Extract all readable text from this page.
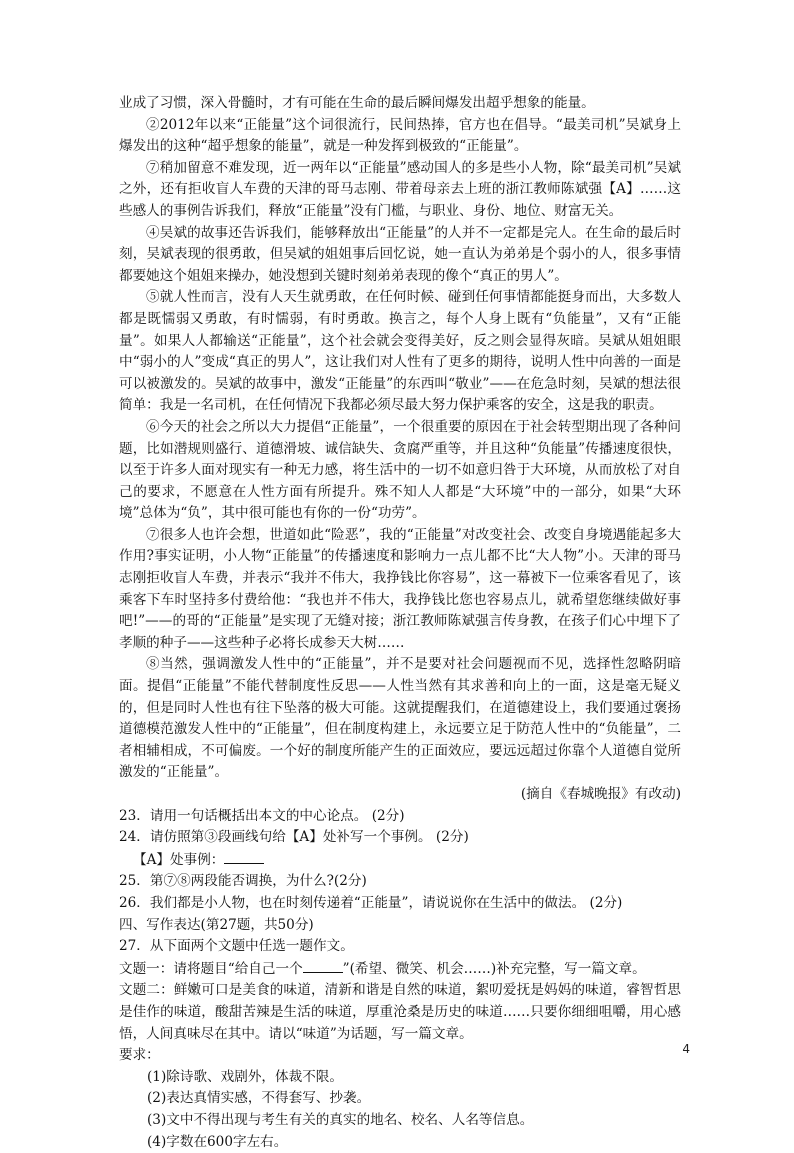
业成了习惯，深入骨髓时，才有可能在生命的最后瞬间爆发出超乎想象的能量。

②2012年以来“正能量”这个词很流行，民间热捧，官方也在倡导。“最美司机”吴斌身上爆发出的这种“超乎想象的能量”，就是一种发挥到极致的“正能量”。

⑦稍加留意不难发现，近一两年以“正能量”感动国人的多是些小人物，除“最美司机”吴斌之外，还有拒收盲人车费的天津的哥马志刚、带着母亲去上班的浙江教师陈斌强【A】……这些感人的事例告诉我们，释放“正能量”没有门槛，与职业、身份、地位、财富无关。

④吴斌的故事还告诉我们，能够释放出“正能量”的人并不一定都是完人。在生命的最后时刻，吴斌表现的很勇敢，但吴斌的姐姐事后回忆说，她一直认为弟弟是个弱小的人，很多事情都要她这个姐姐来操办，她没想到关键时刻弟弟表现的像个“真正的男人”。

⑤就人性而言，没有人天生就勇敢，在任何时候、碰到任何事情都能挺身而出，大多数人都是既懦弱又勇敢，有时懦弱，有时勇敢。换言之，每个人身上既有“负能量”，又有“正能量”。如果人人都输送“正能量”，这个社会就会变得美好，反之则会显得灰暗。吴斌从姐姐眼中“弱小的人”变成“真正的男人”，这让我们对人性有了更多的期待，说明人性中向善的一面是可以被激发的。吴斌的故事中，激发“正能量”的东西叫“敬业”——在危急时刻，吴斌的想法很简单：我是一名司机，在任何情况下我都必须尽最大努力保护乘客的安全，这是我的职责。

⑥今天的社会之所以大力提倡“正能量”，一个很重要的原因在于社会转型期出现了各种问题，比如潜规则盛行、道德滑坡、诚信缺失、贪腐严重等，并且这种“负能量”传播速度很快，以至于许多人面对现实有一种无力感，将生活中的一切不如意归咎于大环境，从而放松了对自己的要求，不愿意在人性方面有所提升。殊不知人人都是“大环境”中的一部分，如果“大环境”总体为“负”，其中很可能也有你的一份“功劳”。

⑦很多人也许会想，世道如此“险恶”，我的“正能量”对改变社会、改变自身境遇能起多大作用?事实证明，小人物“正能量”的传播速度和影响力一点儿都不比“大人物”小。天津的哥马志刚拒收盲人车费，并表示“我并不伟大，我挣钱比你容易”，这一幕被下一位乘客看见了，该乘客下车时坚持多付费给他：“我也并不伟大，我挣钱比您也容易点儿，就希望您继续做好事吧!”——的哥的“正能量”是实现了无缝对接；浙江教师陈斌强言传身教，在孩子们心中埋下了孝顺的种子——这些种子必将长成参天大树……

⑧当然，强调激发人性中的“正能量”，并不是要对社会问题视而不见，选择性忽略阴暗面。提倡“正能量”不能代替制度性反思——人性当然有其求善和向上的一面，这是毫无疑义的，但是同时人性也有往下坠落的极大可能。这就提醒我们，在道德建设上，我们要通过褒扬道德模范激发人性中的“正能量”，但在制度构建上，永远要立足于防范人性中的“负能量”，二者相辅相成，不可偏废。一个好的制度所能产生的正面效应，要远远超过你靠个人道德自觉所激发的“正能量”。

(摘自《春城晚报》有改动)

23．请用一句话概括出本文的中心论点。 (2分)

24．请仿照第③段画线句给【A】处补写一个事例。 (2分)

【A】处事例：

25．第⑦⑧两段能否调换，为什么?(2分)

26．我们都是小人物，也在时刻传递着“正能量”，请说说你在生活中的做法。 (2分)

四、写作表达(第27题，共50分)

27．从下面两个文题中任选一题作文。

文题一：请将题目“给自己一个	”(希望、微笑、机会……)补充完整，写一篇文章。

文题二：鲜嫩可口是美食的味道，清新和谐是自然的味道，絮叨爱抚是妈妈的味道，睿智哲思是佳作的味道，酸甜苦辣是生活的味道，厚重沧桑是历史的味道……只要你细细咀嚼，用心感悟，人间真味尽在其中。请以“味道”为话题，写一篇文章。

要求：

(1)除诗歌、戏剧外，体裁不限。

(2)表达真情实感，不得套写、抄袭。

(3)文中不得出现与考生有关的真实的地名、校名、人名等信息。

(4)字数在600字左右。

4
